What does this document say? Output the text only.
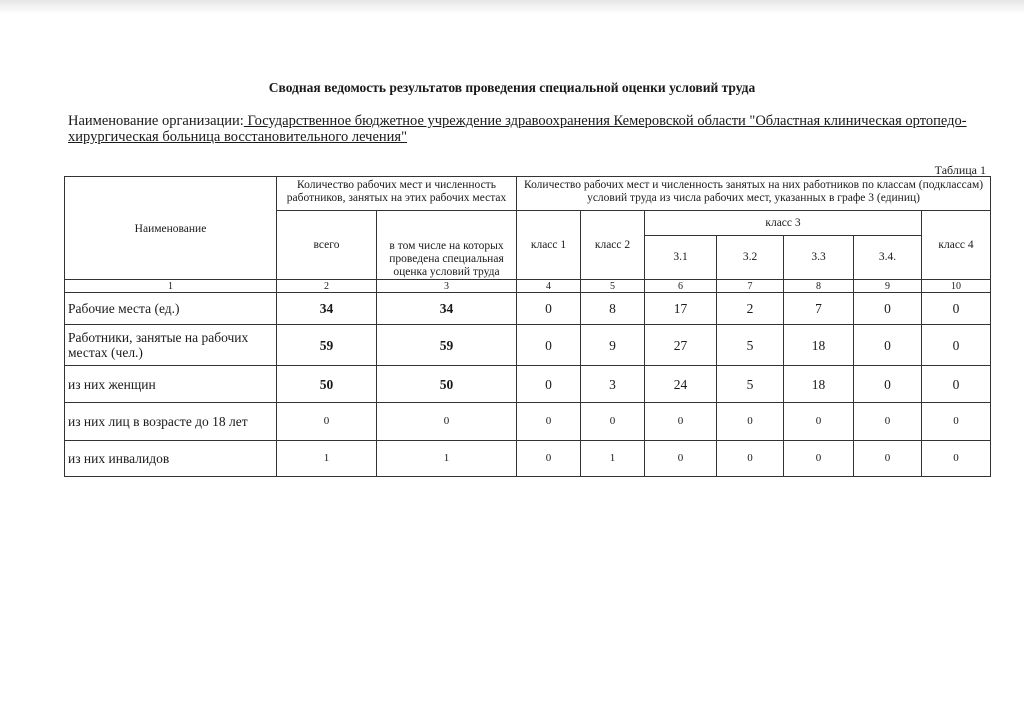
Сводная ведомость результатов проведения специальной оценки условий труда
Наименование организации: Государственное бюджетное учреждение здравоохранения Кемеровской области "Областная клиническая ортопедо-хирургическая больница восстановительного лечения"
Таблица 1
Наименование	Количество рабочих мест и численность работников, занятых на этих рабочих местах		Количество рабочих мест и численность занятых на них работников по классам (подклассам) условий труда из числа рабочих мест, указанных в графе 3 (единиц)						
	всего	в том числе на которых проведена специальная оценка условий труда	класс 1	класс 2	класс 3				класс 4
					3.1	3.2	3.3	3.4.	
1	2	3	4	5	6	7	8	9	10
Рабочие места (ед.)	34	34	0	8	17	2	7	0	0
Работники, занятые на рабочих местах (чел.)	59	59	0	9	27	5	18	0	0
из них женщин	50	50	0	3	24	5	18	0	0
из них лиц в возрасте до 18 лет	0	0	0	0	0	0	0	0	0
из них инвалидов	1	1	0	1	0	0	0	0	0
